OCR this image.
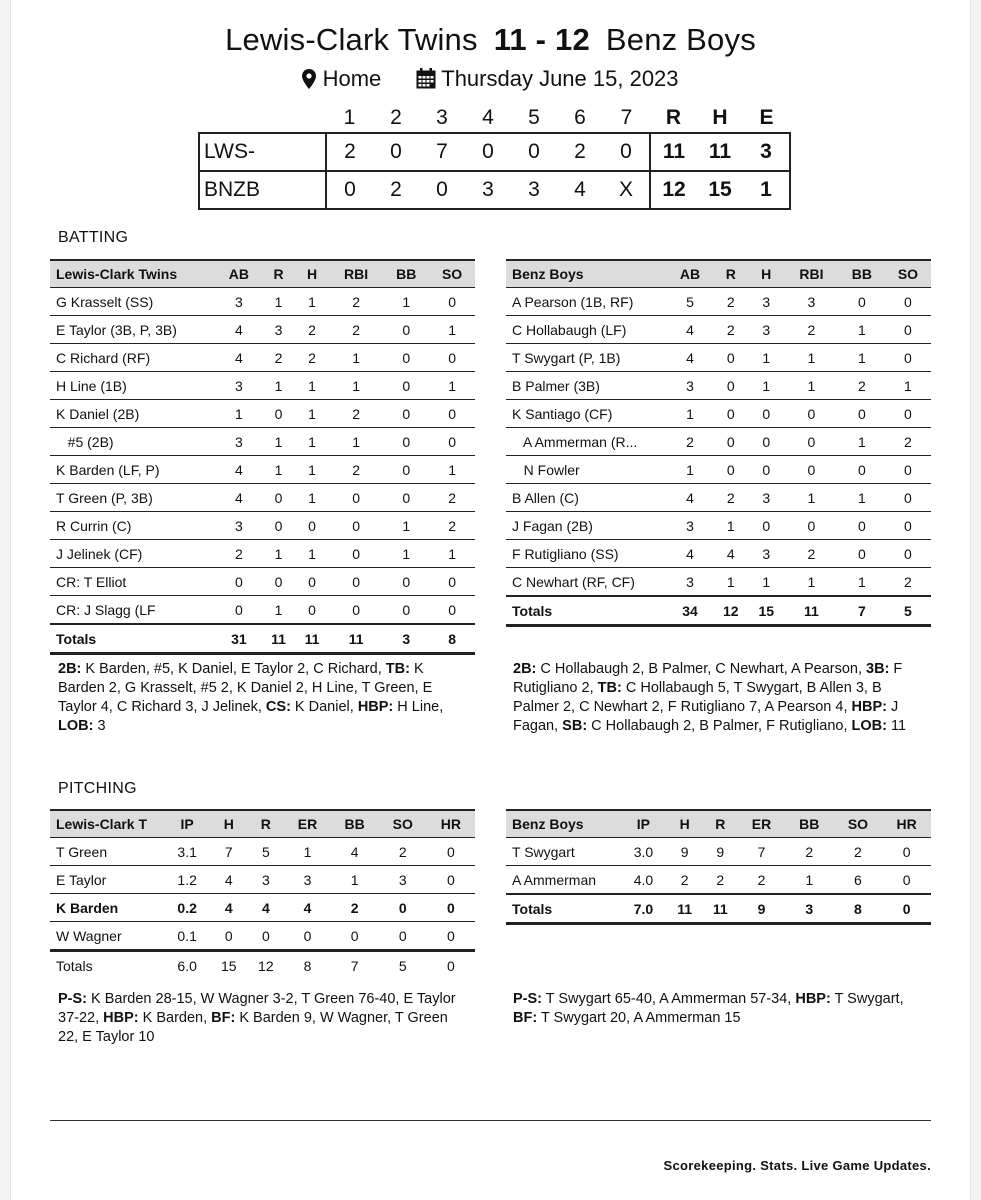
Lewis-Clark Twins 11 - 12 Benz Boys
Home	Thursday June 15, 2023
	1	2	3	4	5	6	7	R	H	E
LWS-	2	0	7	0	0	2	0	11	11	3
BNZB	0	2	0	3	3	4	X	12	15	1
BATTING
Lewis-Clark Twins	AB	R	H	RBI	BB	SO
G Krasselt (SS)	3	1	1	2	1	0
E Taylor (3B, P, 3B)	4	3	2	2	0	1
C Richard (RF)	4	2	2	1	0	0
H Line (1B)	3	1	1	1	0	1
K Daniel (2B)	1	0	1	2	0	0
#5 (2B)	3	1	1	1	0	0
K Barden (LF, P)	4	1	1	2	0	1
T Green (P, 3B)	4	0	1	0	0	2
R Currin (C)	3	0	0	0	1	2
J Jelinek (CF)	2	1	1	0	1	1
CR: T Elliot	0	0	0	0	0	0
CR: J Slagg (LF	0	1	0	0	0	0
Totals	31	11	11	11	3	8
Benz Boys	AB	R	H	RBI	BB	SO
A Pearson (1B, RF)	5	2	3	3	0	0
C Hollabaugh (LF)	4	2	3	2	1	0
T Swygart (P, 1B)	4	0	1	1	1	0
B Palmer (3B)	3	0	1	1	2	1
K Santiago (CF)	1	0	0	0	0	0
A Ammerman (R...	2	0	0	0	1	2
N Fowler	1	0	0	0	0	0
B Allen (C)	4	2	3	1	1	0
J Fagan (2B)	3	1	0	0	0	0
F Rutigliano (SS)	4	4	3	2	0	0
C Newhart (RF, CF)	3	1	1	1	1	2
Totals	34	12	15	11	7	5
2B: K Barden, #5, K Daniel, E Taylor 2, C Richard, TB: K Barden 2, G Krasselt, #5 2, K Daniel 2, H Line, T Green, E Taylor 4, C Richard 3, J Jelinek, CS: K Daniel, HBP: H Line, LOB: 3
2B: C Hollabaugh 2, B Palmer, C Newhart, A Pearson, 3B: F Rutigliano 2, TB: C Hollabaugh 5, T Swygart, B Allen 3, B Palmer 2, C Newhart 2, F Rutigliano 7, A Pearson 4, HBP: J Fagan, SB: C Hollabaugh 2, B Palmer, F Rutigliano, LOB: 11
PITCHING
Lewis-Clark T	IP	H	R	ER	BB	SO	HR
T Green	3.1	7	5	1	4	2	0
E Taylor	1.2	4	3	3	1	3	0
K Barden	0.2	4	4	4	2	0	0
W Wagner	0.1	0	0	0	0	0	0
Totals	6.0	15	12	8	7	5	0
Benz Boys	IP	H	R	ER	BB	SO	HR
T Swygart	3.0	9	9	7	2	2	0
A Ammerman	4.0	2	2	2	1	6	0
Totals	7.0	11	11	9	3	8	0
P-S: K Barden 28-15, W Wagner 3-2, T Green 76-40, E Taylor 37-22, HBP: K Barden, BF: K Barden 9, W Wagner, T Green 22, E Taylor 10
P-S: T Swygart 65-40, A Ammerman 57-34, HBP: T Swygart, BF: T Swygart 20, A Ammerman 15
Scorekeeping. Stats. Live Game Updates.
